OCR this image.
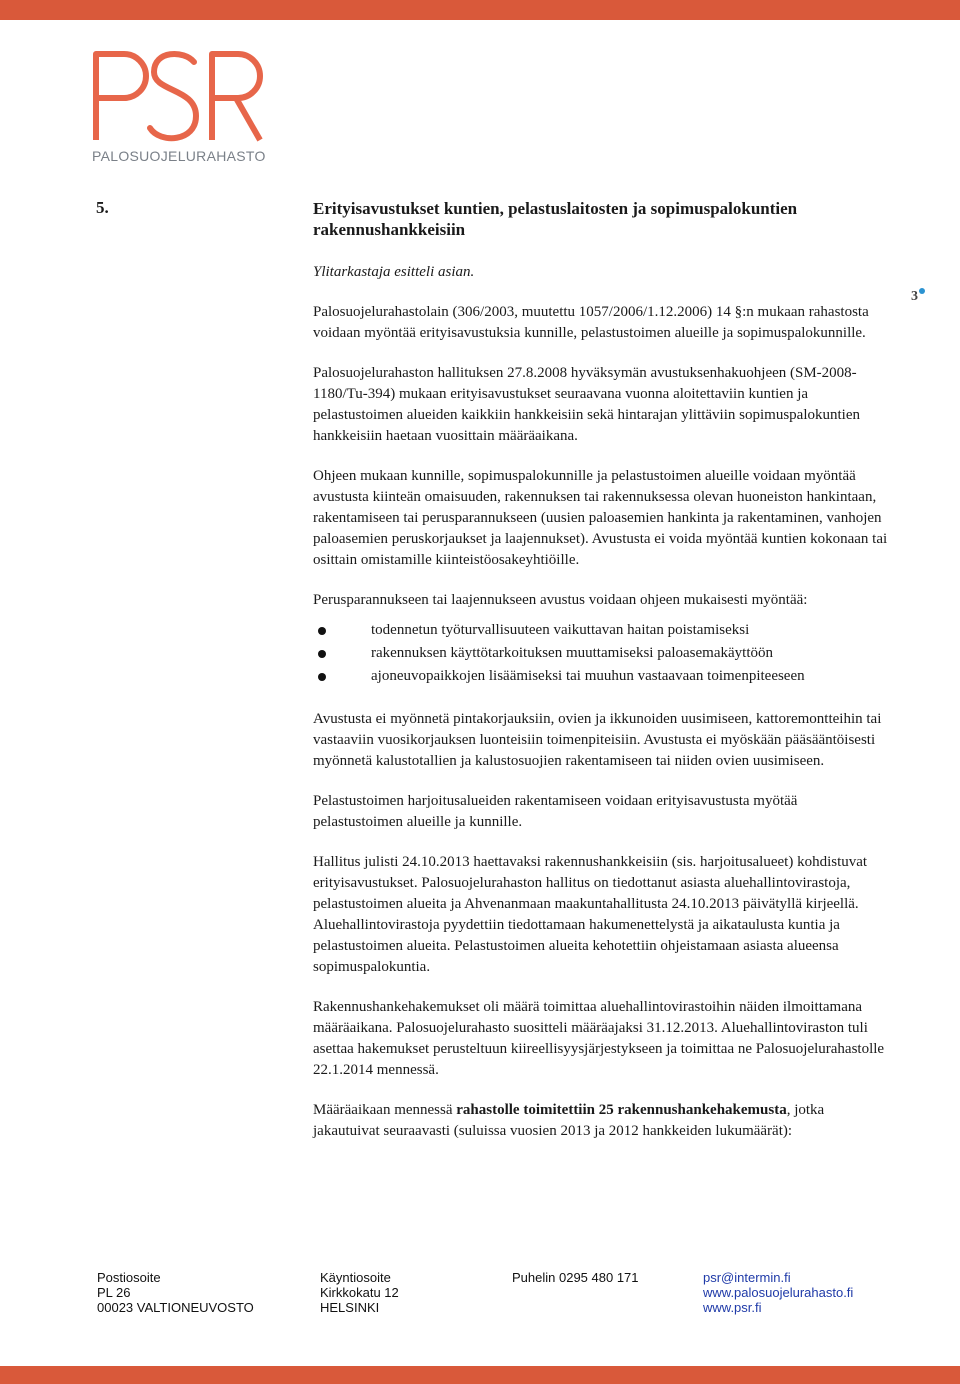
PALOSUOJELURAHASTO
3
5.	Erityisavustukset kuntien, pelastuslaitosten ja sopimuspalokuntien rakennushankkeisiin

Ylitarkastaja esitteli asian.

Palosuojelurahastolain (306/2003, muutettu 1057/2006/1.12.2006) 14 §:n mukaan rahastosta voidaan myöntää erityisavustuksia kunnille, pelastustoimen alueille ja sopimuspalokunnille.

Palosuojelurahaston hallituksen 27.8.2008 hyväksymän avustuksenhakuohjeen (SM-2008-1180/Tu-394) mukaan erityisavustukset seuraavana vuonna aloitettaviin kuntien ja pelastustoimen alueiden kaikkiin hankkeisiin sekä hintarajan ylittäviin sopimuspalokuntien hankkeisiin haetaan vuosittain määräaikana.

Ohjeen mukaan kunnille, sopimuspalokunnille ja pelastustoimen alueille voidaan myöntää avustusta kiinteän omaisuuden, rakennuksen tai rakennuksessa olevan huoneiston hankintaan, rakentamiseen tai perusparannukseen (uusien paloasemien hankinta ja rakentaminen, vanhojen paloasemien peruskorjaukset ja laajennukset). Avustusta ei voida myöntää kuntien kokonaan tai osittain omistamille kiinteistöosakeyhtiöille.

Perusparannukseen tai laajennukseen avustus voidaan ohjeen mukaisesti myöntää:

todennetun työturvallisuuteen vaikuttavan haitan poistamiseksi
rakennuksen käyttötarkoituksen muuttamiseksi paloasemakäyttöön
ajoneuvopaikkojen lisäämiseksi tai muuhun vastaavaan toimenpiteeseen

Avustusta ei myönnetä pintakorjauksiin, ovien ja ikkunoiden uusimiseen, kattoremontteihin tai vastaaviin vuosikorjauksen luonteisiin toimenpiteisiin. Avustusta ei myöskään pääsääntöisesti myönnetä kalustotallien ja kalustosuojien rakentamiseen tai niiden ovien uusimiseen.

Pelastustoimen harjoitusalueiden rakentamiseen voidaan erityisavustusta myötää pelastustoimen alueille ja kunnille.

Hallitus julisti 24.10.2013 haettavaksi rakennushankkeisiin (sis. harjoitusalueet) kohdistuvat erityisavustukset. Palosuojelurahaston hallitus on tiedottanut asiasta aluehallintovirastoja, pelastustoimen alueita ja Ahvenanmaan maakuntahallitusta 24.10.2013 päivätyllä kirjeellä. Aluehallintovirastoja pyydettiin tiedottamaan hakumenettelystä ja aikataulusta kuntia ja pelastustoimen alueita. Pelastustoimen alueita kehotettiin ohjeistamaan asiasta alueensa sopimuspalokuntia.

Rakennushankehakemukset oli määrä toimittaa aluehallintovirastoihin näiden ilmoittamana määräaikana. Palosuojelurahasto suositteli määräajaksi 31.12.2013. Aluehallintoviraston tuli asettaa hakemukset perusteltuun kiireellisyysjärjestykseen ja toimittaa ne Palosuojelurahastolle 22.1.2014 mennessä.

Määräaikaan mennessä rahastolle toimitettiin 25 rakennushankehakemusta, jotka jakautuivat seuraavasti (suluissa vuosien 2013 ja 2012 hankkeiden lukumäärät):

Postiosoite
PL 26
00023 VALTIONEUVOSTO
Käyntiosoite
Kirkkokatu 12
HELSINKI
Puhelin 0295 480 171	psr@intermin.fi
www.palosuojelurahasto.fi
www.psr.fi
